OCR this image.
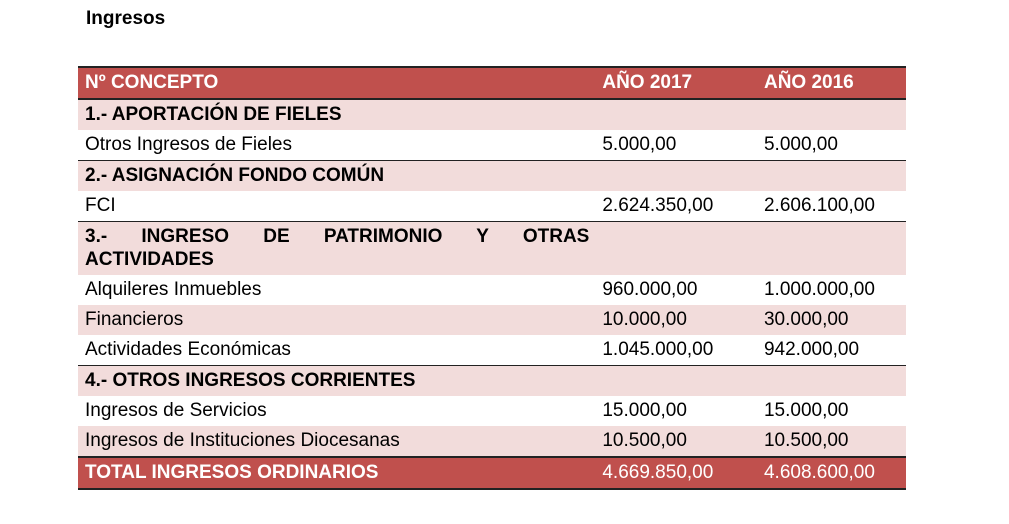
Ingresos
Nº CONCEPTO	AÑO 2017	AÑO 2016
1.- APORTACIÓN DE FIELES		
Otros Ingresos de Fieles	5.000,00	5.000,00
2.- ASIGNACIÓN FONDO COMÚN		
FCI	2.624.350,00	2.606.100,00
3.- INGRESO DE PATRIMONIO Y OTRAS ACTIVIDADES		
Alquileres Inmuebles	960.000,00	1.000.000,00
Financieros	10.000,00	30.000,00
Actividades Económicas	1.045.000,00	942.000,00
4.- OTROS INGRESOS CORRIENTES		
Ingresos de Servicios	15.000,00	15.000,00
Ingresos de Instituciones Diocesanas	10.500,00	10.500,00
TOTAL INGRESOS ORDINARIOS	4.669.850,00	4.608.600,00
